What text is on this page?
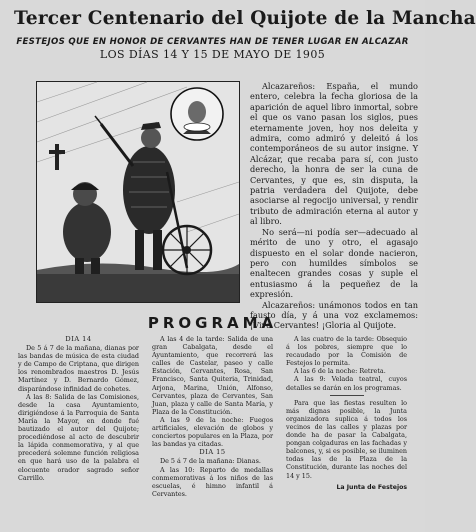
Tercer Centenario del Quijote de la Mancha
FESTEJOS QUE EN HONOR DE CERVANTES HAN DE TENER LUGAR EN ALCAZAR
LOS DÍAS 14 Y 15 DE MAYO DE 1905

Alcazareños: España, el mundo entero, celebra la fecha gloriosa de la aparición de aquel libro inmortal, sobre el que os vano pasan los siglos, pues eternamente joven, hoy nos deleita y admira, como admiró y deleitó á los contemporáneos de su autor insigne. Y Alcázar, que recaba para sí, con justo derecho, la honra de ser la cuna de Cervantes, y que es, sin disputa, la patria verdadera del Quijote, debe asociarse al regocijo universal, y rendir tributo de admiración eterna al autor y al libro.

No será—ni podía ser—adecuado al mérito de uno y otro, el agasajo dispuesto en el solar donde nacieron, pero con humildes símbolos se enaltecen grandes cosas y suple el entusiasmo á la pequeñez de la expresión.

Alcazareños: unámonos todos en tan fausto día, y á una voz exclamemos: ¡Viva Cervantes! ¡Gloria al Quijote.

PROGRAMA

DIA 14

De 5 á 7 de la mañana, dianas por las bandas de música de esta ciudad y de Campo de Criptana, que dirigen los renombrados maestros D. Jesús Martínez y D. Bernardo Gómez, disparándose infinidad de cohetes.

A las 8: Salida de las Comisiones, desde la casa Ayuntamiento, dirigiéndose á la Parroquia de Santa María la Mayor, en donde fué bautizado el autor del Quijote; procediéndose al acto de descubrir la lápida conmemorativa, y al que precederá solemne función religiosa en que hará uso de la palabra el elocuente orador sagrado señor Carrillo.

A las 4 de la tarde: Salida de una gran Cabalgata, desde el Ayuntamiento, que recorrerá las calles de Castelar, paseo y calle Estación, Cervantes, Rosa, San Francisco, Santa Quiteria, Trinidad, Arjona, Marina, Unión, Alfonso, Cervantes, plaza de Cervantes, San Juan, plaza y calle de Santa María, y Plaza de la Constitución.

A las 9 de la noche: Fuegos artificiales, elevación de globos y conciertos populares en la Plaza, por las bandas ya citadas.

DIA 15

De 5 á 7 de la mañana: Dianas.

A las 10: Reparto de medallas conmemorativas á los niños de las escuelas, é himno infantil á Cervantes.

A las cuatro de la tarde: Obsequio á los pobres, siempre que lo recaudado por la Comisión de Festejos lo permita.

A las 6 de la noche: Retreta.

A las 9: Velada teatral, cuyos detalles se darán en los programas.

Para que las fiestas resulten lo más dignas posible, la Junta organizadora suplica á todos los vecinos de las calles y plazas por donde ha de pasar la Cabalgata, pongan colgaduras en las fachadas y balcones, y, si es posible, se iluminen todas las de la Plaza de la Constitución, durante las noches del 14 y 15.

La Junta de Festejos
